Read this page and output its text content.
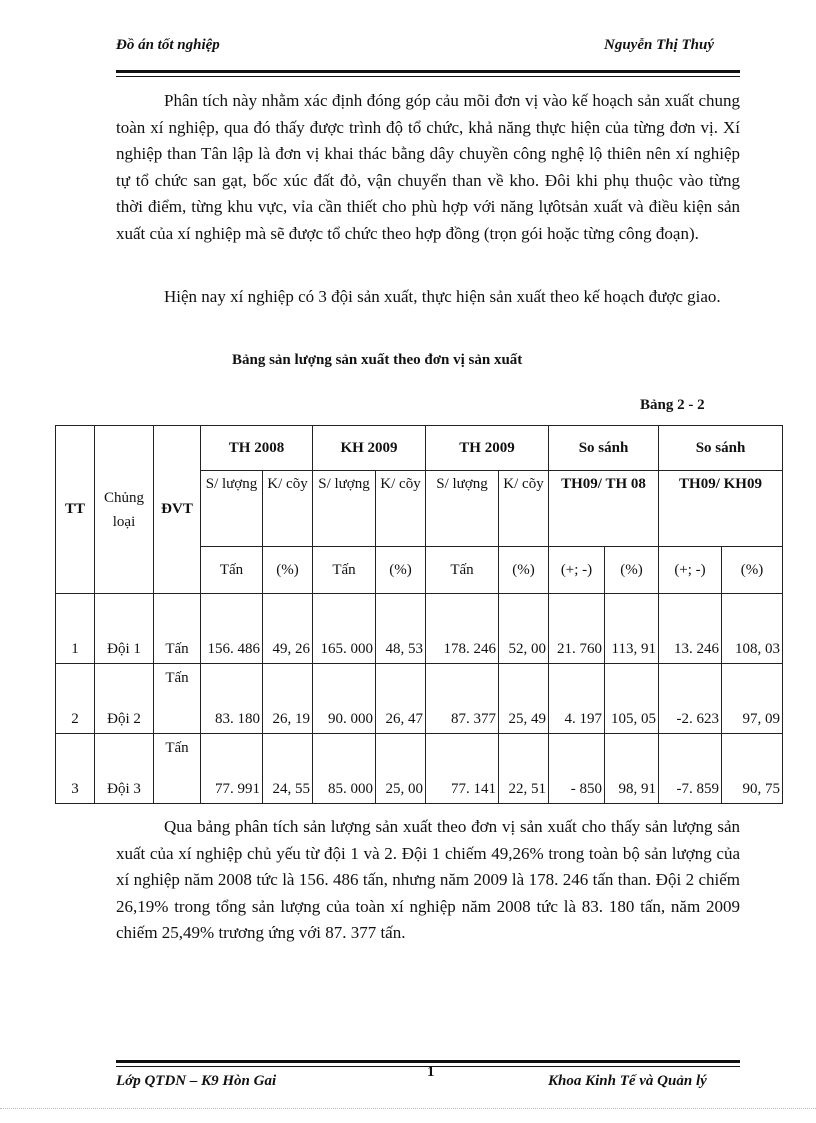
Đồ án tốt nghiệp	Nguyễn Thị Thuý

Phân tích này nhằm xác định đóng góp cảu mõi đơn vị vào kế hoạch sản xuất chung toàn xí nghiệp, qua đó thấy được trình độ tổ chức, khả năng thực hiện của từng đơn vị. Xí nghiệp than Tân lập là đơn vị khai thác bằng dây chuyền công nghệ lộ thiên nên xí nghiệp tự tổ chức san gạt, bốc xúc đất đỏ, vận chuyển than về kho. Đôi khi phụ thuộc vào từng thời điểm, từng khu vực, vỉa cần thiết cho phù hợp với năng lựôtsản xuất và điều kiện sản xuất của xí nghiệp mà sẽ được tổ chức theo hợp đồng (trọn gói hoặc từng công đoạn).

Hiện nay xí nghiệp có 3 đội sản xuất, thực hiện sản xuất theo kế hoạch được giao.

Bảng sản lượng sản xuất theo đơn vị sản xuất
Bảng 2 - 2
TT	Chủng loại	ĐVT	TH 2008		KH 2009		TH 2009		So sánh		So sánh	
			S/ lượng	K/ cõy	S/ lượng	K/ cõy	S/ lượng	K/ cõy	TH09/ TH 08		TH09/ KH09	
			Tấn	(%)	Tấn	(%)	Tấn	(%)	(+; -)	(%)	(+; -)	(%)
1	Đội 1	Tấn	156. 486	49, 26	165. 000	48, 53	178. 246	52, 00	21. 760	113, 91	13. 246	108, 03
2	Đội 2	Tấn	83. 180	26, 19	90. 000	26, 47	87. 377	25, 49	4. 197	105, 05	-2. 623	97, 09
3	Đội 3	Tấn	77. 991	24, 55	85. 000	25, 00	77. 141	22, 51	- 850	98, 91	-7. 859	90, 75

Qua bảng phân tích sản lượng sản xuất theo đơn vị sản xuất cho thấy sản lượng sản xuất của xí nghiệp chủ yếu từ đội 1 và 2. Đội 1 chiếm 49,26% trong toàn bộ sản lượng của xí nghiệp năm 2008 tức là 156. 486 tấn, nhưng năm 2009 là 178. 246 tấn than. Đội 2 chiếm 26,19% trong tổng sản lượng của toàn xí nghiệp năm 2008 tức là 83. 180 tấn, năm 2009 chiếm 25,49% trương ứng với 87. 377 tấn.

Lớp QTDN – K9 Hòn Gai
1
Khoa Kinh Tế và Quản lý
